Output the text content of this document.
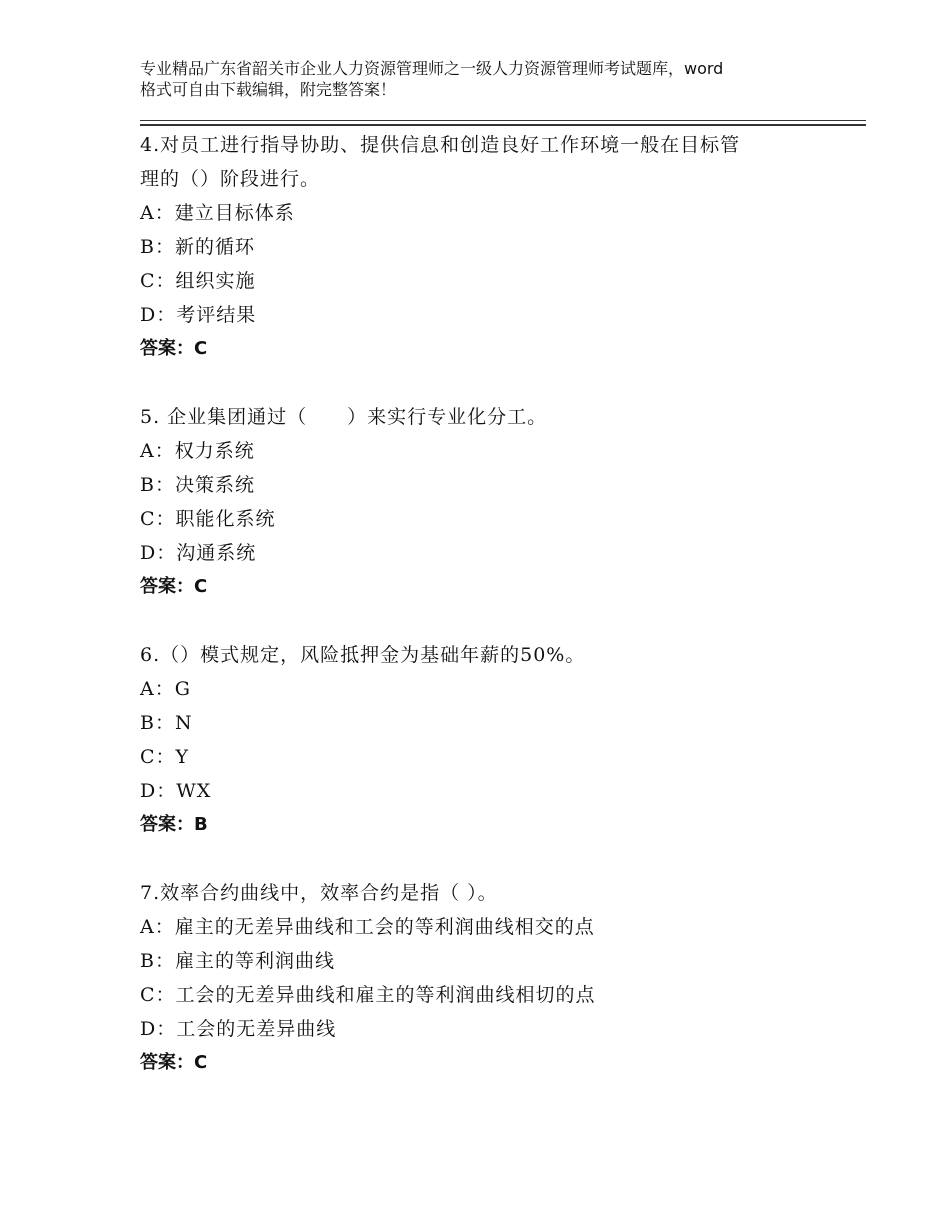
专业精品广东省韶关市企业人力资源管理师之一级人力资源管理师考试题库，word
格式可自由下载编辑，附完整答案！
4.对员工进行指导协助、提供信息和创造良好工作环境一般在目标管
理的（）阶段进行。
A：建立目标体系
B：新的循环
C：组织实施
D：考评结果
答案：C
5. 企业集团通过（　　）来实行专业化分工。
A：权力系统
B：决策系统
C：职能化系统
D：沟通系统
答案：C
6.（）模式规定，风险抵押金为基础年薪的50%。
A：G
B：N
C：Y
D：WX
答案：B
7.效率合约曲线中，效率合约是指（ ）。
A：雇主的无差异曲线和工会的等利润曲线相交的点
B：雇主的等利润曲线
C：工会的无差异曲线和雇主的等利润曲线相切的点
D：工会的无差异曲线
答案：C
